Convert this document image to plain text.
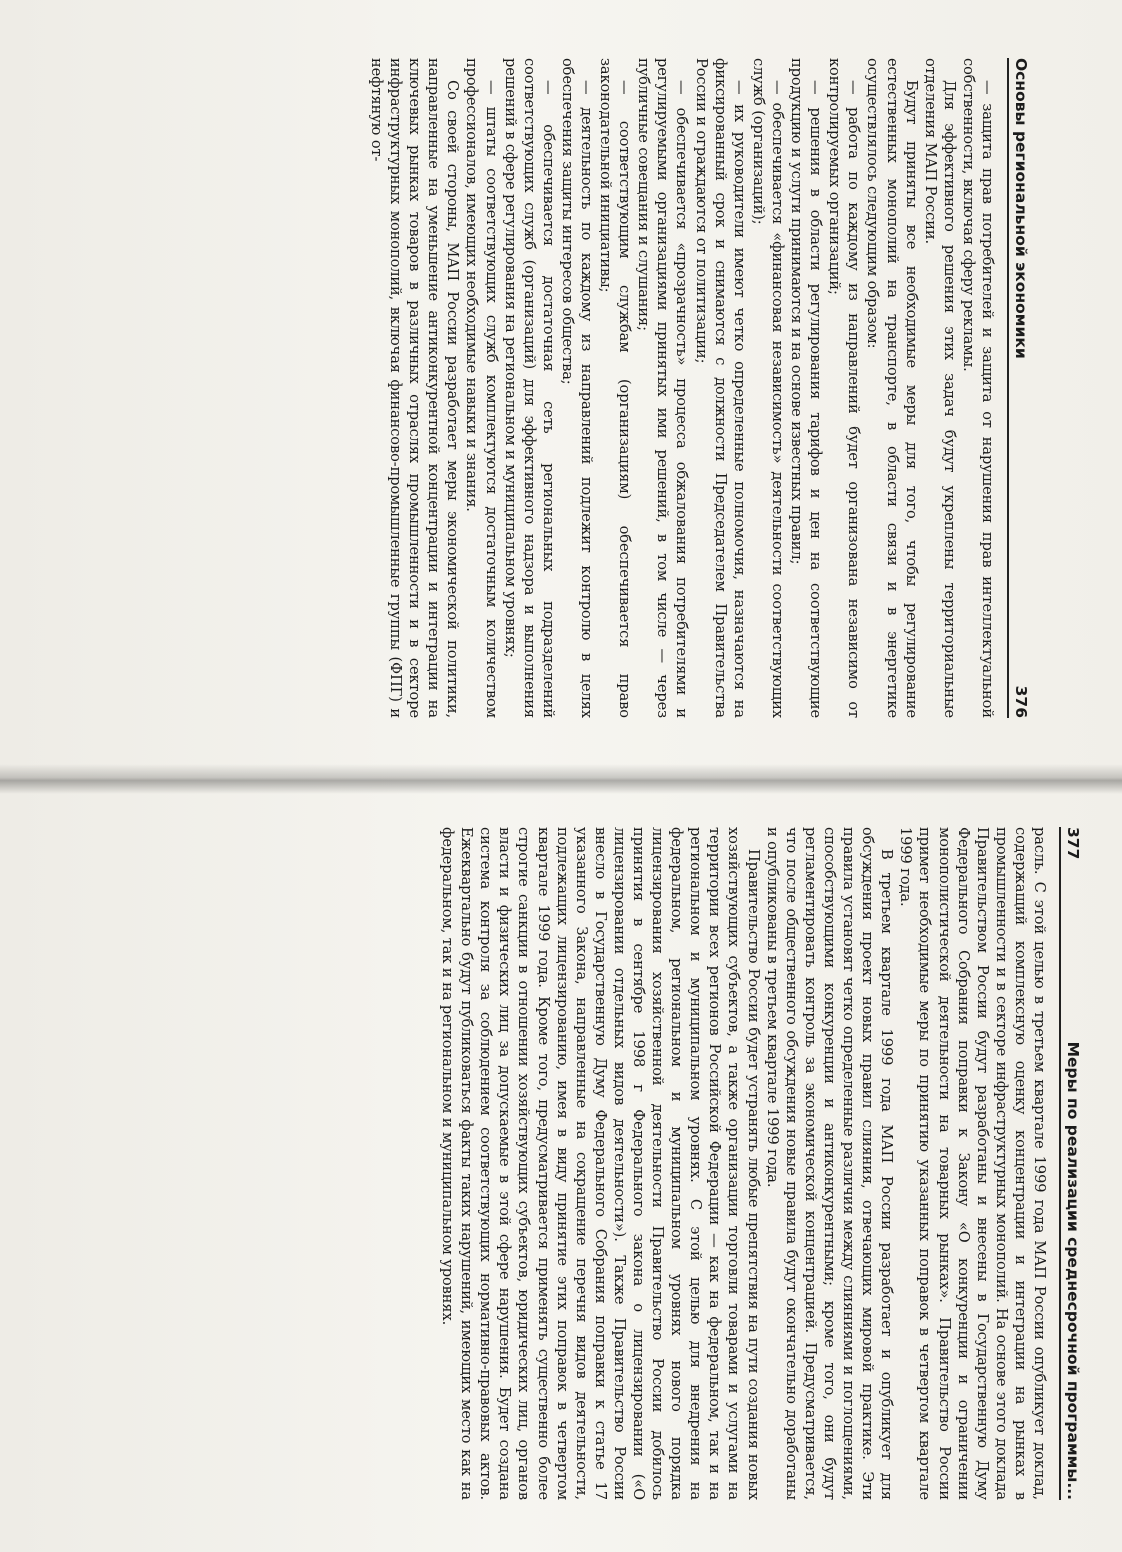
Основы региональной экономики
376

— защита прав потребителей и защита от нарушения прав интеллектуальной собственности, включая сферу рекламы.

Для эффективного решения этих задач будут укреплены территориальные отделения МАП России.

Будут приняты все необходимые меры для того, чтобы регулирование естественных монополий на транспорте, в области связи и в энергетике осуществлялось следующим образом:

— работа по каждому из направлений будет организована независимо от контролируемых организаций;

— решения в области регулирования тарифов и цен на соответствующие продукцию и услуги принимаются и на основе известных правил;

— обеспечивается «финансовая независимость» деятельности соответствующих служб (организаций);

— их руководители имеют четко определенные полномочия, назначаются на фиксированный срок и снимаются с должности Председателем Правительства России и ограждаются от политизации;

— обеспечивается «прозрачность» процесса обжалования потребителями и регулируемыми организациями принятых ими решений, в том числе — через публичные совещания и слушания;

— соответствующим службам (организациям) обеспечивается право законодательной инициативы;

— деятельность по каждому из направлений подлежит контролю в целях обеспечения защиты интересов общества;

— обеспечивается достаточная сеть региональных подразделений соответствующих служб (организаций) для эффективного надзора и выполнения решений в сфере регулирования на региональном и муниципальном уровнях;

— штаты соответствующих служб комплектуются достаточным количеством профессионалов, имеющих необходимые навыки и знания.

Со своей стороны, МАП России разработает меры экономической политики, направленные на уменьшение антиконкурентной концентрации и интеграции на ключевых рынках товаров в различных отраслях промышленности и в секторе инфраструктурных монополий, включая финансово-промышленные группы (ФПГ) и нефтяную от-

377
Меры по реализации среднесрочной программы...

расль. С этой целью в третьем квартале 1999 года МАП России опубликует доклад, содержащий комплексную оценку концентрации и интеграции на рынках в промышленности и в секторе инфраструктурных монополий. На основе этого доклада Правительством России будут разработаны и внесены в Государственную Думу Федерального Собрания поправки к Закону «О конкуренции и ограничении монополистической деятельности на товарных рынках». Правительство России примет необходимые меры по принятию указанных поправок в четвертом квартале 1999 года.

В третьем квартале 1999 года МАП России разработает и опубликует для обсуждения проект новых правил слияния, отвечающих мировой практике. Эти правила установят четко определенные различия между слияниями и поглощениями, способствующими конкуренции и антиконкурентными; кроме того, они будут регламентировать контроль за экономической концентрацией. Предусматривается, что после общественного обсуждения новые правила будут окончательно доработаны и опубликованы в третьем квартале 1999 года.

Правительство России будет устранять любые препятствия на пути создания новых хозяйствующих субъектов, а также организации торговли товарами и услугами на территории всех регионов Российской Федерации — как на федеральном, так и на региональном и муниципальном уровнях. С этой целью для внедрения на федеральном, региональном и муниципальном уровнях нового порядка лицензирования хозяйственной деятельности Правительство России добилось принятия в сентябре 1998 г Федерального закона о лицензировании («О лицензировании отдельных видов деятельности»). Также Правительство России внесло в Государственную Думу Федерального Собрания поправки к статье 17 указанного Закона, направленные на сокращение перечня видов деятельности, подлежащих лицензированию, имея в виду принятие этих поправок в четвертом квартале 1999 года. Кроме того, предусматривается применять существенно более строгие санкции в отношении хозяйствующих субъектов, юридических лиц, органов власти и физических лиц за допускаемые в этой сфере нарушения. Будет создана система контроля за соблюдением соответствующих нормативно-правовых актов. Ежеквартально будут публиковаться факты таких нарушений, имеющих место как на федеральном, так и на региональном и муниципальном уровнях.
